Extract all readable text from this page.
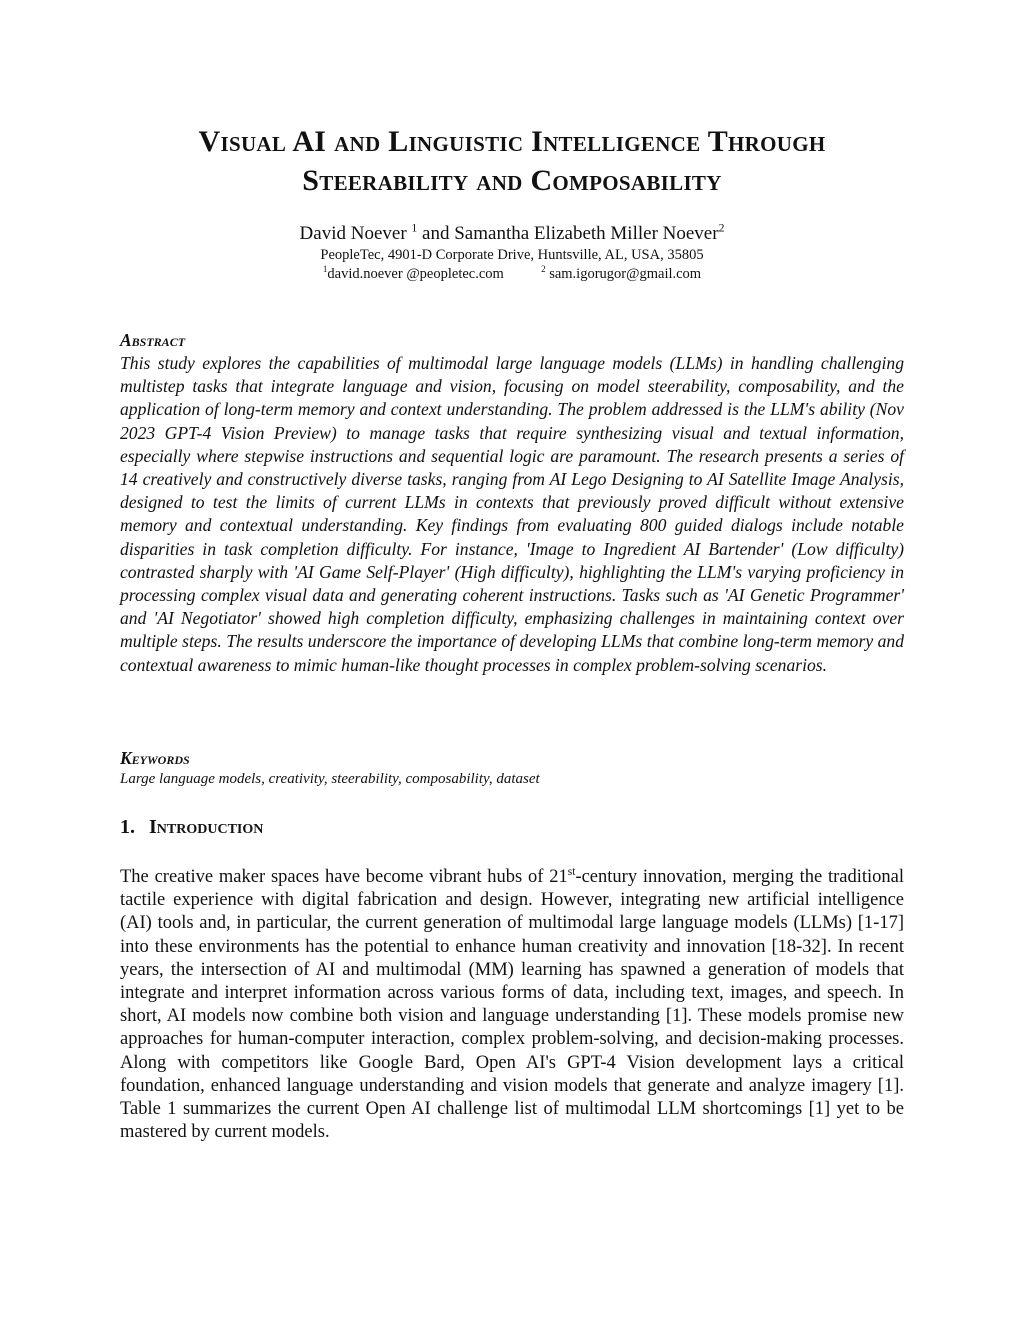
Visual AI and Linguistic Intelligence Through
Steerability and Composability
David Noever $^1$ and Samantha Elizabeth Miller Noever$^2$
PeopleTec, 4901-D Corporate Drive, Huntsville, AL, USA, 35805
$^1$david.noever @peopletec.com	$^2$ sam.igorugor@gmail.com
Abstract

This study explores the capabilities of multimodal large language models (LLMs) in handling challenging multistep tasks that integrate language and vision, focusing on model steerability, composability, and the application of long-term memory and context understanding. The problem addressed is the LLM's ability (Nov 2023 GPT-4 Vision Preview) to manage tasks that require synthesizing visual and textual information, especially where stepwise instructions and sequential logic are paramount. The research presents a series of 14 creatively and constructively diverse tasks, ranging from AI Lego Designing to AI Satellite Image Analysis, designed to test the limits of current LLMs in contexts that previously proved difficult without extensive memory and contextual understanding. Key findings from evaluating 800 guided dialogs include notable disparities in task completion difficulty. For instance, 'Image to Ingredient AI Bartender' (Low difficulty) contrasted sharply with 'AI Game Self-Player' (High difficulty), highlighting the LLM's varying proficiency in processing complex visual data and generating coherent instructions. Tasks such as 'AI Genetic Programmer' and 'AI Negotiator' showed high completion difficulty, emphasizing challenges in maintaining context over multiple steps. The results underscore the importance of developing LLMs that combine long-term memory and contextual awareness to mimic human-like thought processes in complex problem-solving scenarios.

Keywords

Large language models, creativity, steerability, composability, dataset

1. Introduction

The creative maker spaces have become vibrant hubs of 21st-century innovation, merging the traditional tactile experience with digital fabrication and design. However, integrating new artificial intelligence (AI) tools and, in particular, the current generation of multimodal large language models (LLMs) [1-17] into these environments has the potential to enhance human creativity and innovation [18-32]. In recent years, the intersection of AI and multimodal (MM) learning has spawned a generation of models that integrate and interpret information across various forms of data, including text, images, and speech. In short, AI models now combine both vision and language understanding [1]. These models promise new approaches for human-computer interaction, complex problem-solving, and decision-making processes. Along with competitors like Google Bard, Open AI's GPT-4 Vision development lays a critical foundation, enhanced language understanding and vision models that generate and analyze imagery [1]. Table 1 summarizes the current Open AI challenge list of multimodal LLM shortcomings [1] yet to be mastered by current models.
